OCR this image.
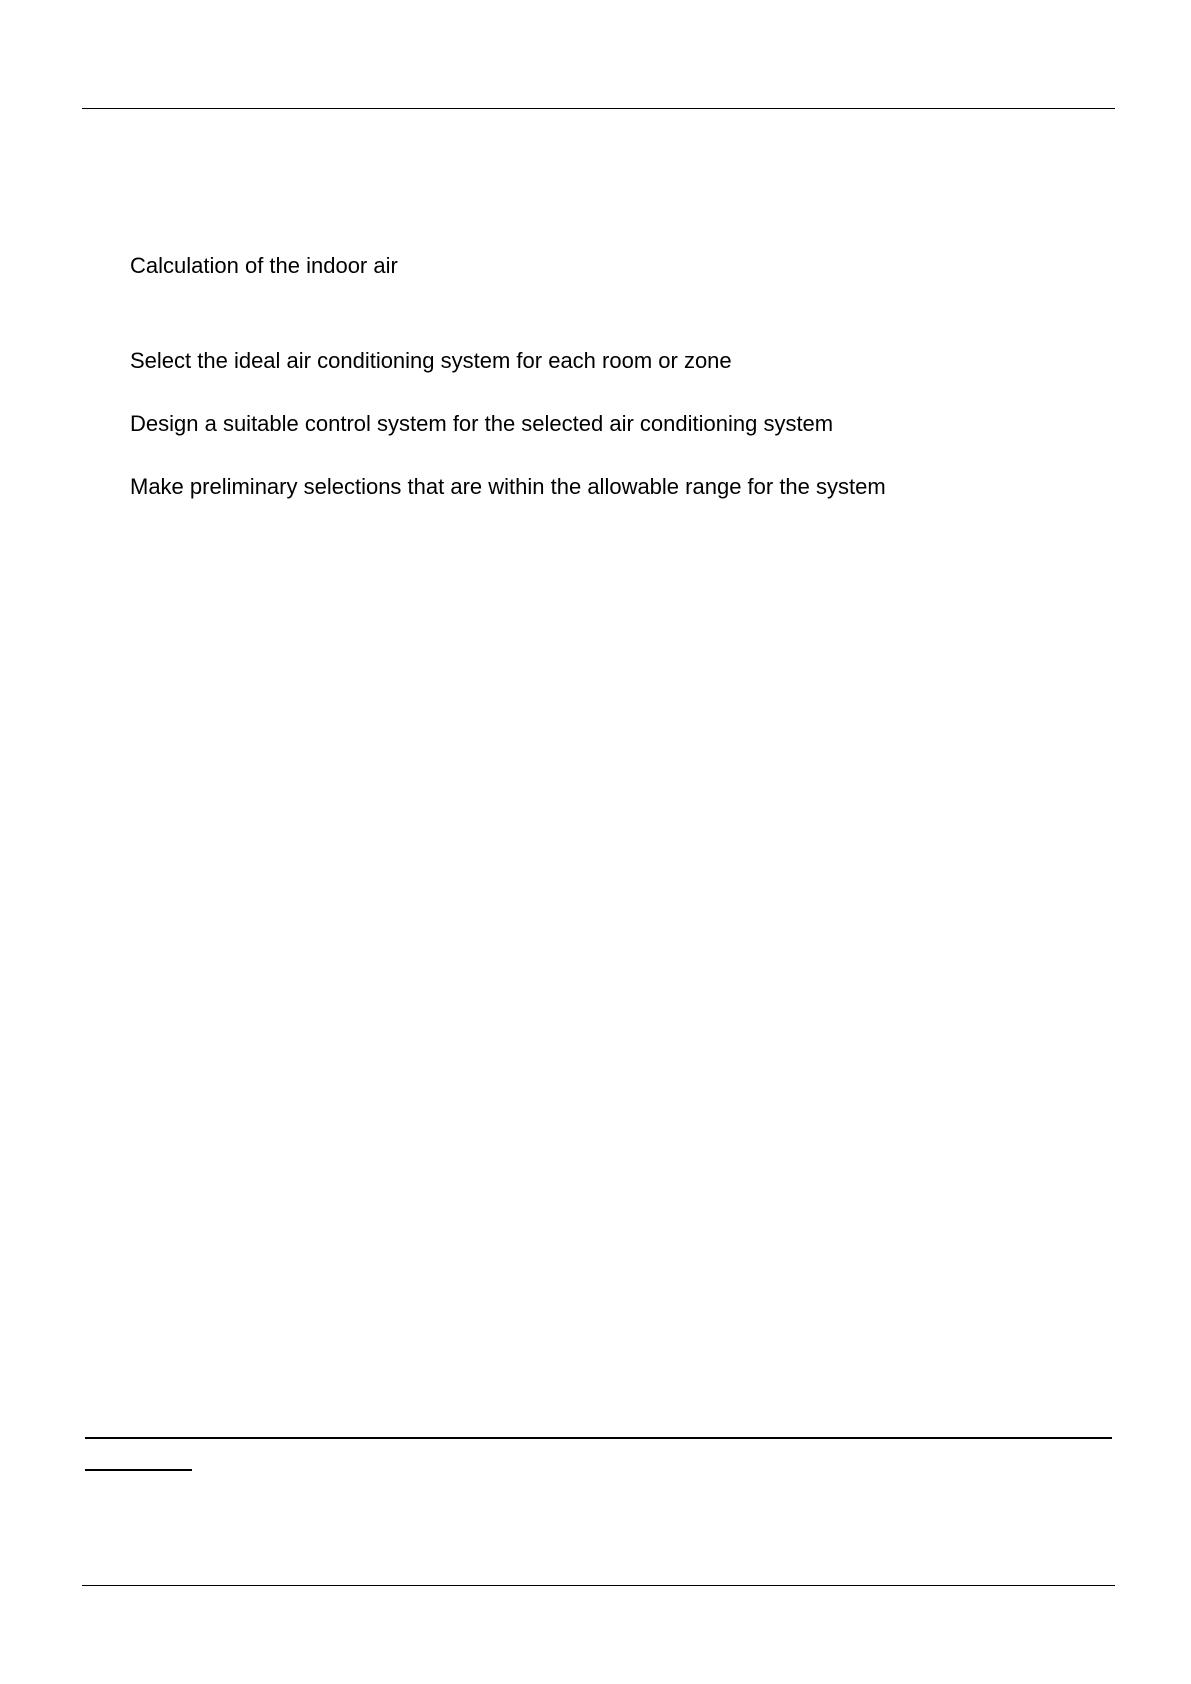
Calculation of the indoor air
Select the ideal air conditioning system for each room or zone
Design a suitable control system for the selected air conditioning system
Make preliminary selections that are within the allowable range for the system
